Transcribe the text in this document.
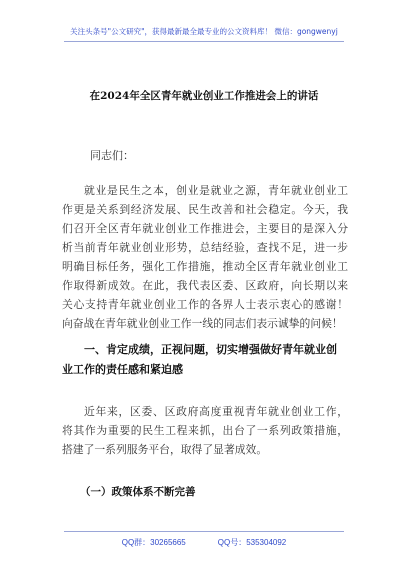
关注头条号"公文研究"，获得最新最全最专业的公文资料库！ 微信：gongwenyj
在2024年全区青年就业创业工作推进会上的讲话
同志们：
就业是民生之本，创业是就业之源，青年就业创业工
作更是关系到经济发展、民生改善和社会稳定。今天，我
们召开全区青年就业创业工作推进会，主要目的是深入分
析当前青年就业创业形势，总结经验，查找不足，进一步
明确目标任务，强化工作措施，推动全区青年就业创业工
作取得新成效。在此，我代表区委、区政府，向长期以来
关心支持青年就业创业工作的各界人士表示衷心的感谢！
向奋战在青年就业创业工作一线的同志们表示诚挚的问候！
一、肯定成绩，正视问题，切实增强做好青年就业创
业工作的责任感和紧迫感
近年来，区委、区政府高度重视青年就业创业工作，
将其作为重要的民生工程来抓，出台了一系列政策措施，
搭建了一系列服务平台，取得了显著成效。
（一）政策体系不断完善
QQ群：30265665	QQ号：535304092
